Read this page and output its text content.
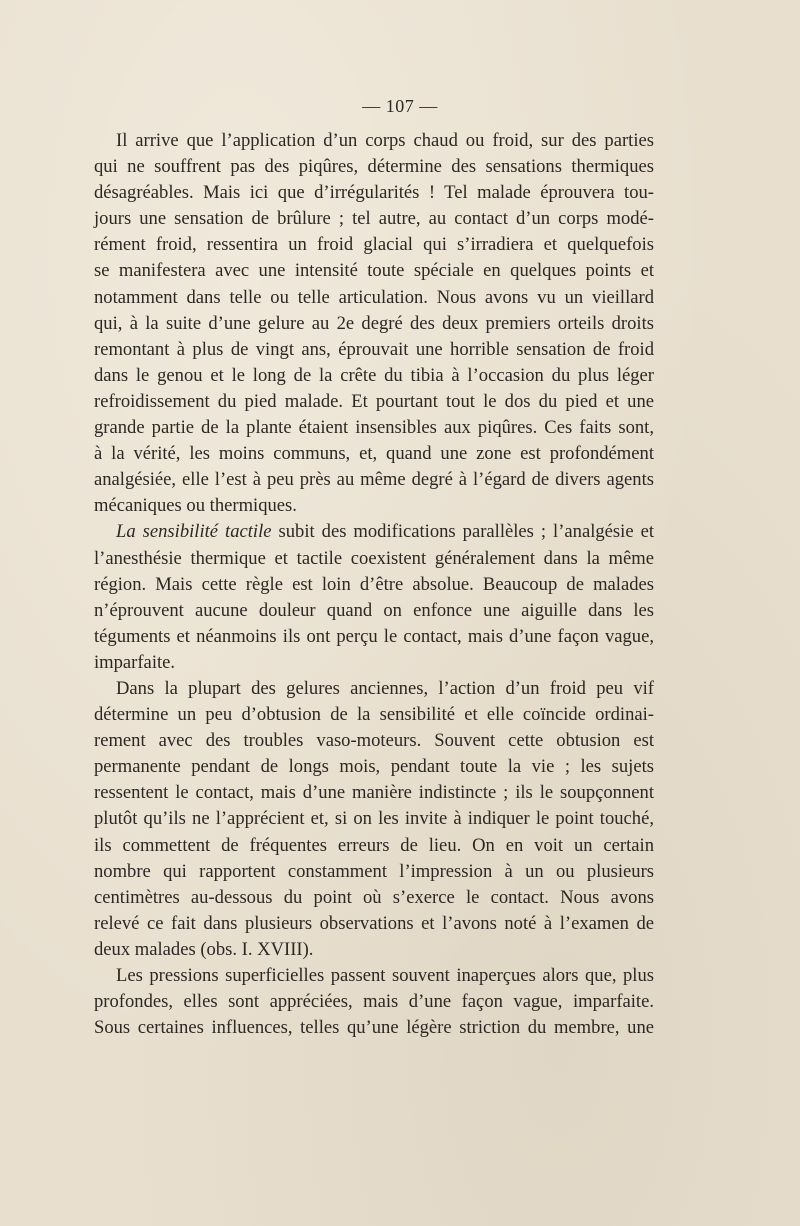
— 107 —
Il arrive que l’application d’un corps chaud ou froid, sur des parties
qui ne souffrent pas des piqûres, détermine des sensations thermiques
désagréables. Mais ici que d’irrégularités ! Tel malade éprouvera tou-
jours une sensation de brûlure ; tel autre, au contact d’un corps modé-
rément froid, ressentira un froid glacial qui s’irradiera et quelquefois
se manifestera avec une intensité toute spéciale en quelques points et
notamment dans telle ou telle articulation. Nous avons vu un vieillard
qui, à la suite d’une gelure au 2e degré des deux premiers orteils droits
remontant à plus de vingt ans, éprouvait une horrible sensation de froid
dans le genou et le long de la crête du tibia à l’occasion du plus léger
refroidissement du pied malade. Et pourtant tout le dos du pied et une
grande partie de la plante étaient insensibles aux piqûres. Ces faits sont,
à la vérité, les moins communs, et, quand une zone est profondément
analgésiée, elle l’est à peu près au même degré à l’égard de divers agents
mécaniques ou thermiques.
La sensibilité tactile subit des modifications parallèles ; l’analgésie et
l’anesthésie thermique et tactile coexistent généralement dans la même
région. Mais cette règle est loin d’être absolue. Beaucoup de malades
n’éprouvent aucune douleur quand on enfonce une aiguille dans les
téguments et néanmoins ils ont perçu le contact, mais d’une façon vague,
imparfaite.
Dans la plupart des gelures anciennes, l’action d’un froid peu vif
détermine un peu d’obtusion de la sensibilité et elle coïncide ordinai-
rement avec des troubles vaso-moteurs. Souvent cette obtusion est
permanente pendant de longs mois, pendant toute la vie ; les sujets
ressentent le contact, mais d’une manière indistincte ; ils le soupçonnent
plutôt qu’ils ne l’apprécient et, si on les invite à indiquer le point touché,
ils commettent de fréquentes erreurs de lieu. On en voit un certain
nombre qui rapportent constamment l’impression à un ou plusieurs
centimètres au-dessous du point où s’exerce le contact. Nous avons
relevé ce fait dans plusieurs observations et l’avons noté à l’examen de
deux malades (obs. I. XVIII).
Les pressions superficielles passent souvent inaperçues alors que, plus
profondes, elles sont appréciées, mais d’une façon vague, imparfaite.
Sous certaines influences, telles qu’une légère striction du membre, une
